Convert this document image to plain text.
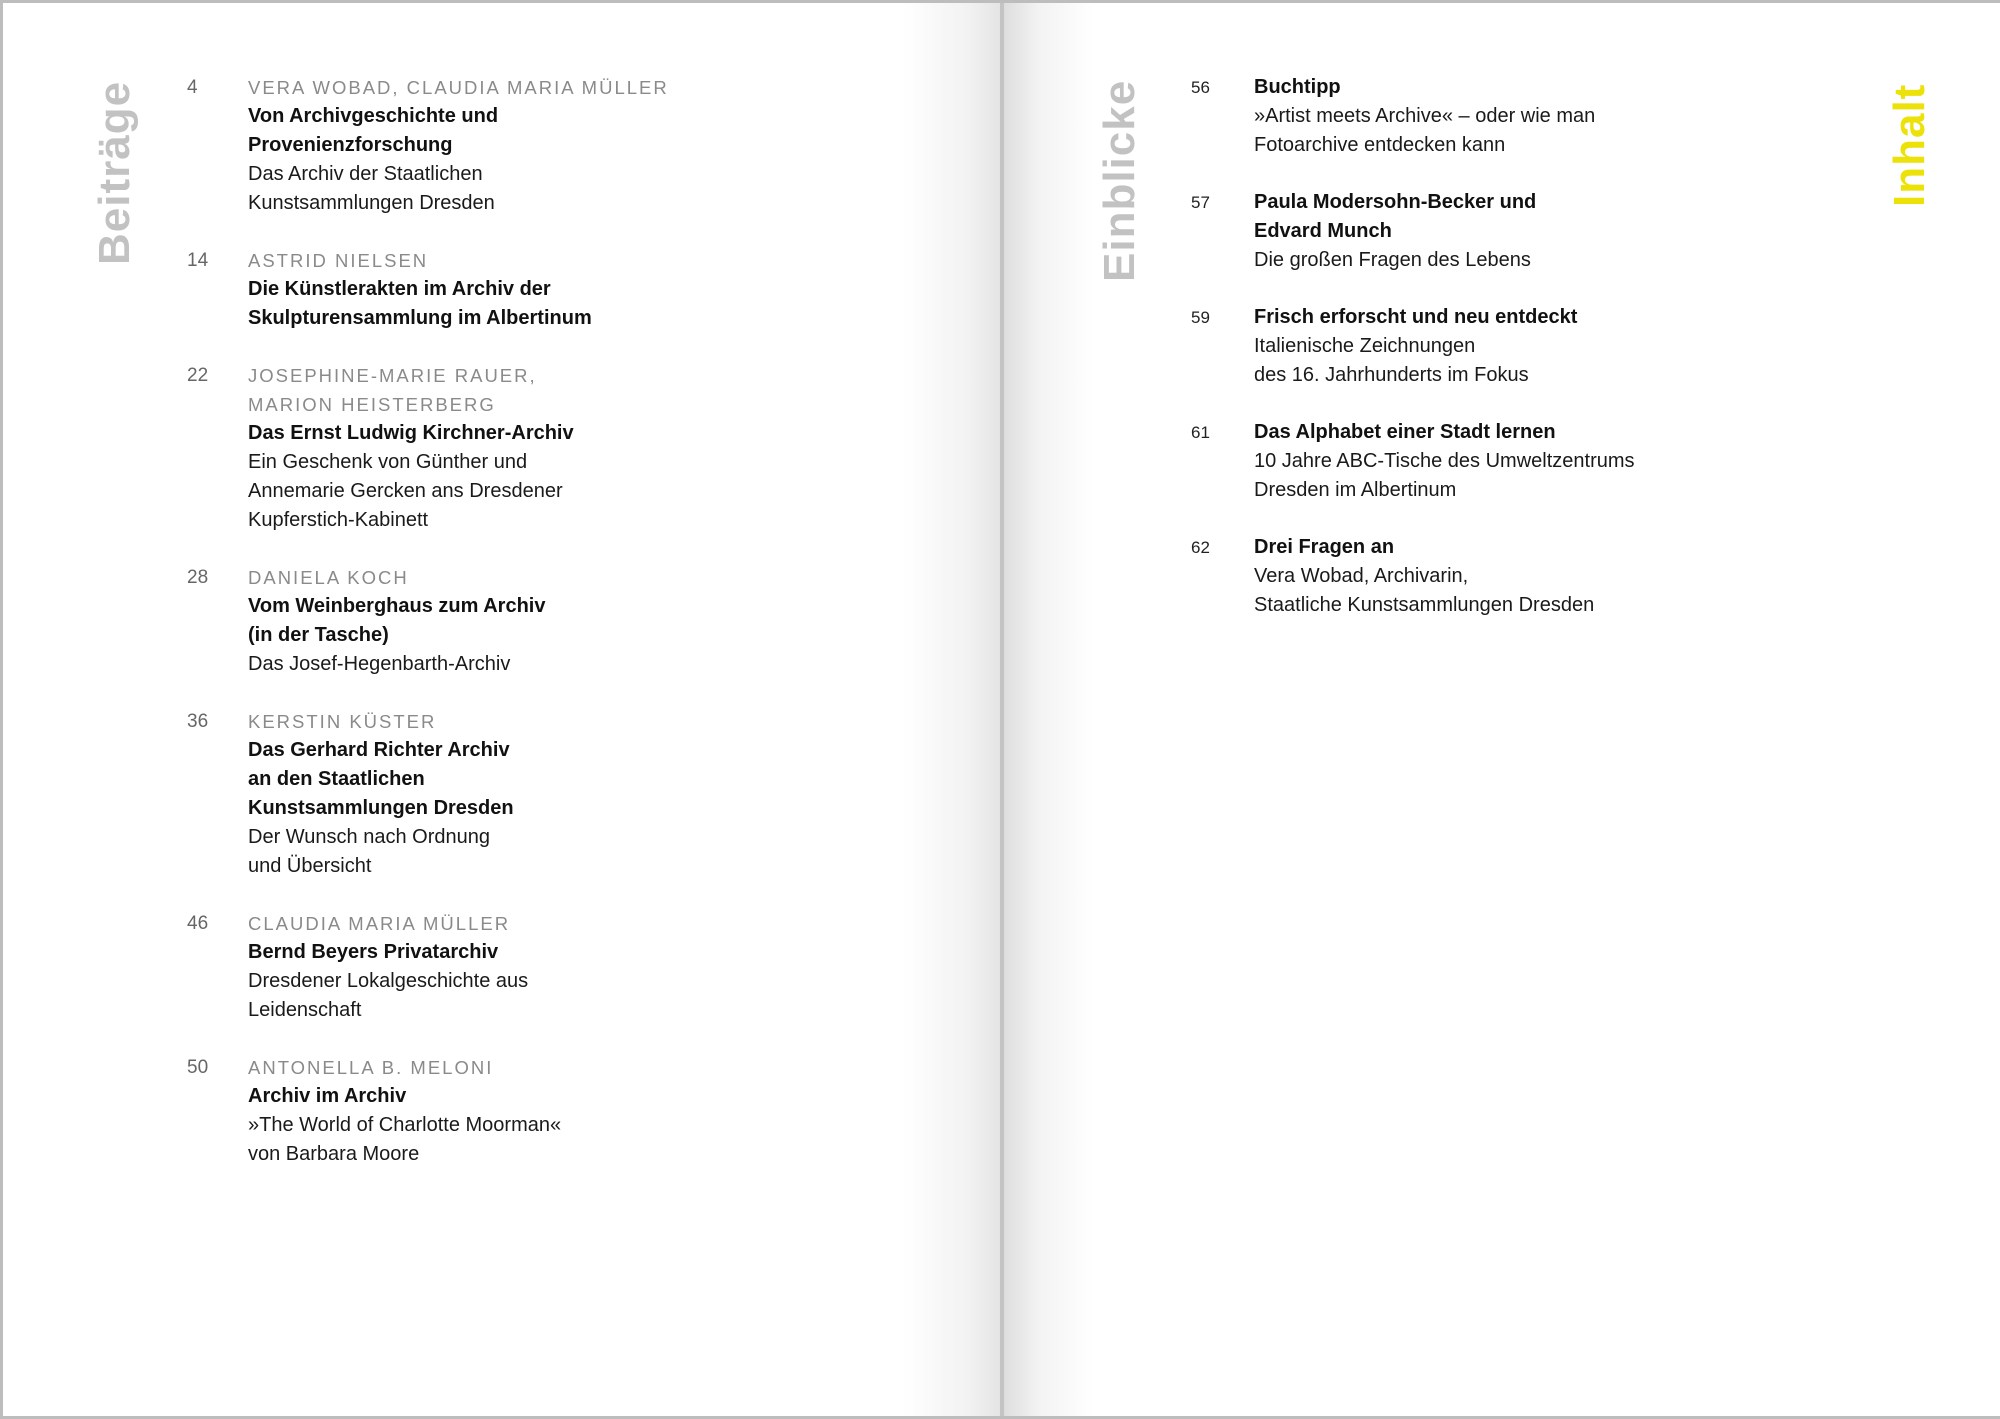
Beiträge	4	VERA WOBAD, CLAUDIA MARIA MÜLLER
Von Archivgeschichte und
Provenienzforschung
Das Archiv der Staatlichen
Kunstsammlungen Dresden
14 ASTRID NIELSEN
Die Künstlerakten im Archiv der
Skulpturensammlung im Albertinum
22 JOSEPHINE-MARIE RAUER,
MARION HEISTERBERG
Das Ernst Ludwig Kirchner-Archiv
Ein Geschenk von Günther und
Annemarie Gercken ans Dresdener
Kupferstich-Kabinett
28 DANIELA KOCH
Vom Weinberghaus zum Archiv
(in der Tasche)
Das Josef-Hegenbarth-Archiv
36 KERSTIN KÜSTER
Das Gerhard Richter Archiv
an den Staatlichen
Kunstsammlungen Dresden
Der Wunsch nach Ordnung
und Übersicht
46 CLAUDIA MARIA MÜLLER
Bernd Beyers Privatarchiv
Dresdener Lokalgeschichte aus
Leidenschaft
50 ANTONELLA B. MELONI
Archiv im Archiv
»The World of Charlotte Moorman«
von Barbara Moore
Einblicke	Inhalt
56 Buchtipp
»Artist meets Archive« – oder wie man
Fotoarchive entdecken kann
57 Paula Modersohn-Becker und
Edvard Munch
Die großen Fragen des Lebens
59 Frisch erforscht und neu entdeckt
Italienische Zeichnungen
des 16. Jahrhunderts im Fokus
61 Das Alphabet einer Stadt lernen
10 Jahre ABC-Tische des Umweltzentrums
Dresden im Albertinum
62 Drei Fragen an
Vera Wobad, Archivarin,
Staatliche Kunstsammlungen Dresden
